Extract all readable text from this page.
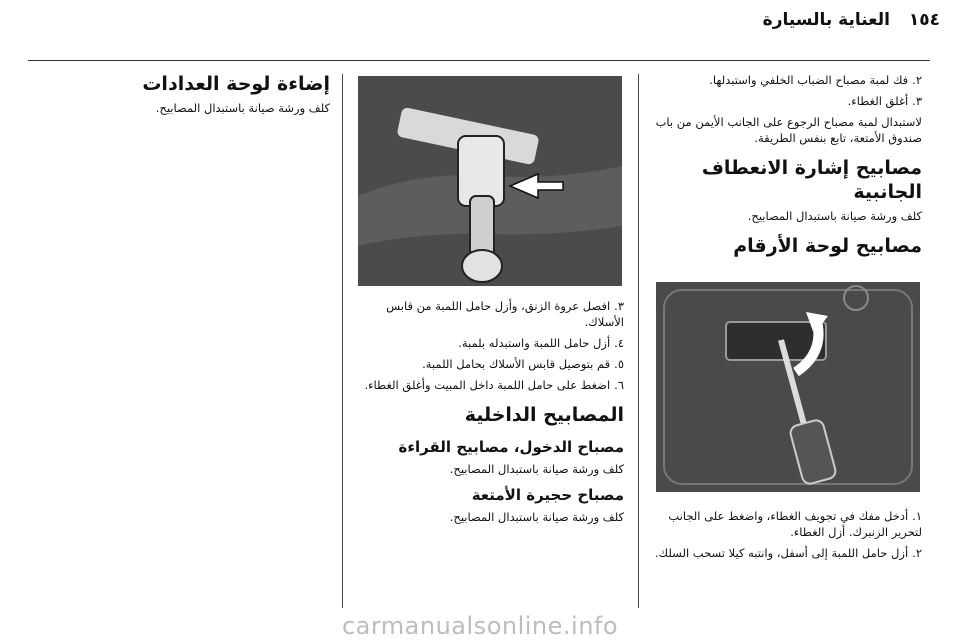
العناية بالسيارة ١٥٤
إضاءة لوحة العدادات
كلف ورشة صيانة باستبدال المصابيح.
٣.افصل عروة الزنق، وأزل حامل اللمبة من قابس الأسلاك.
٤.أزل حامل اللمبة واستبدله بلمبة.
٥.قم بتوصيل قابس الأسلاك بحامل اللمبة.
٦.اضغط على حامل اللمبة داخل المبيت وأغلق الغطاء.
المصابيح الداخلية
مصباح الدخول، مصابيح القراءة
كلف ورشة صيانة باستبدال المصابيح.
مصباح حجيرة الأمتعة
كلف ورشة صيانة باستبدال المصابيح.
٢.فك لمبة مصباح الضباب الخلفي واستبدلها.
٣.أغلق الغطاء.
لاستبدال لمبة مصباح الرجوع على الجانب الأيمن من باب صندوق الأمتعة، تابع بنفس الطريقة.
مصابيح إشارة الانعطاف الجانبية
كلف ورشة صيانة باستبدال المصابيح.
مصابيح لوحة الأرقام
١.أدخل مفك في تجويف الغطاء، واضغط على الجانب لتحرير الزنبرك. أزل الغطاء.
٢.أزل حامل اللمبة إلى أسفل، وانتبه كيلا تسحب السلك.
carmanualsonline.info
